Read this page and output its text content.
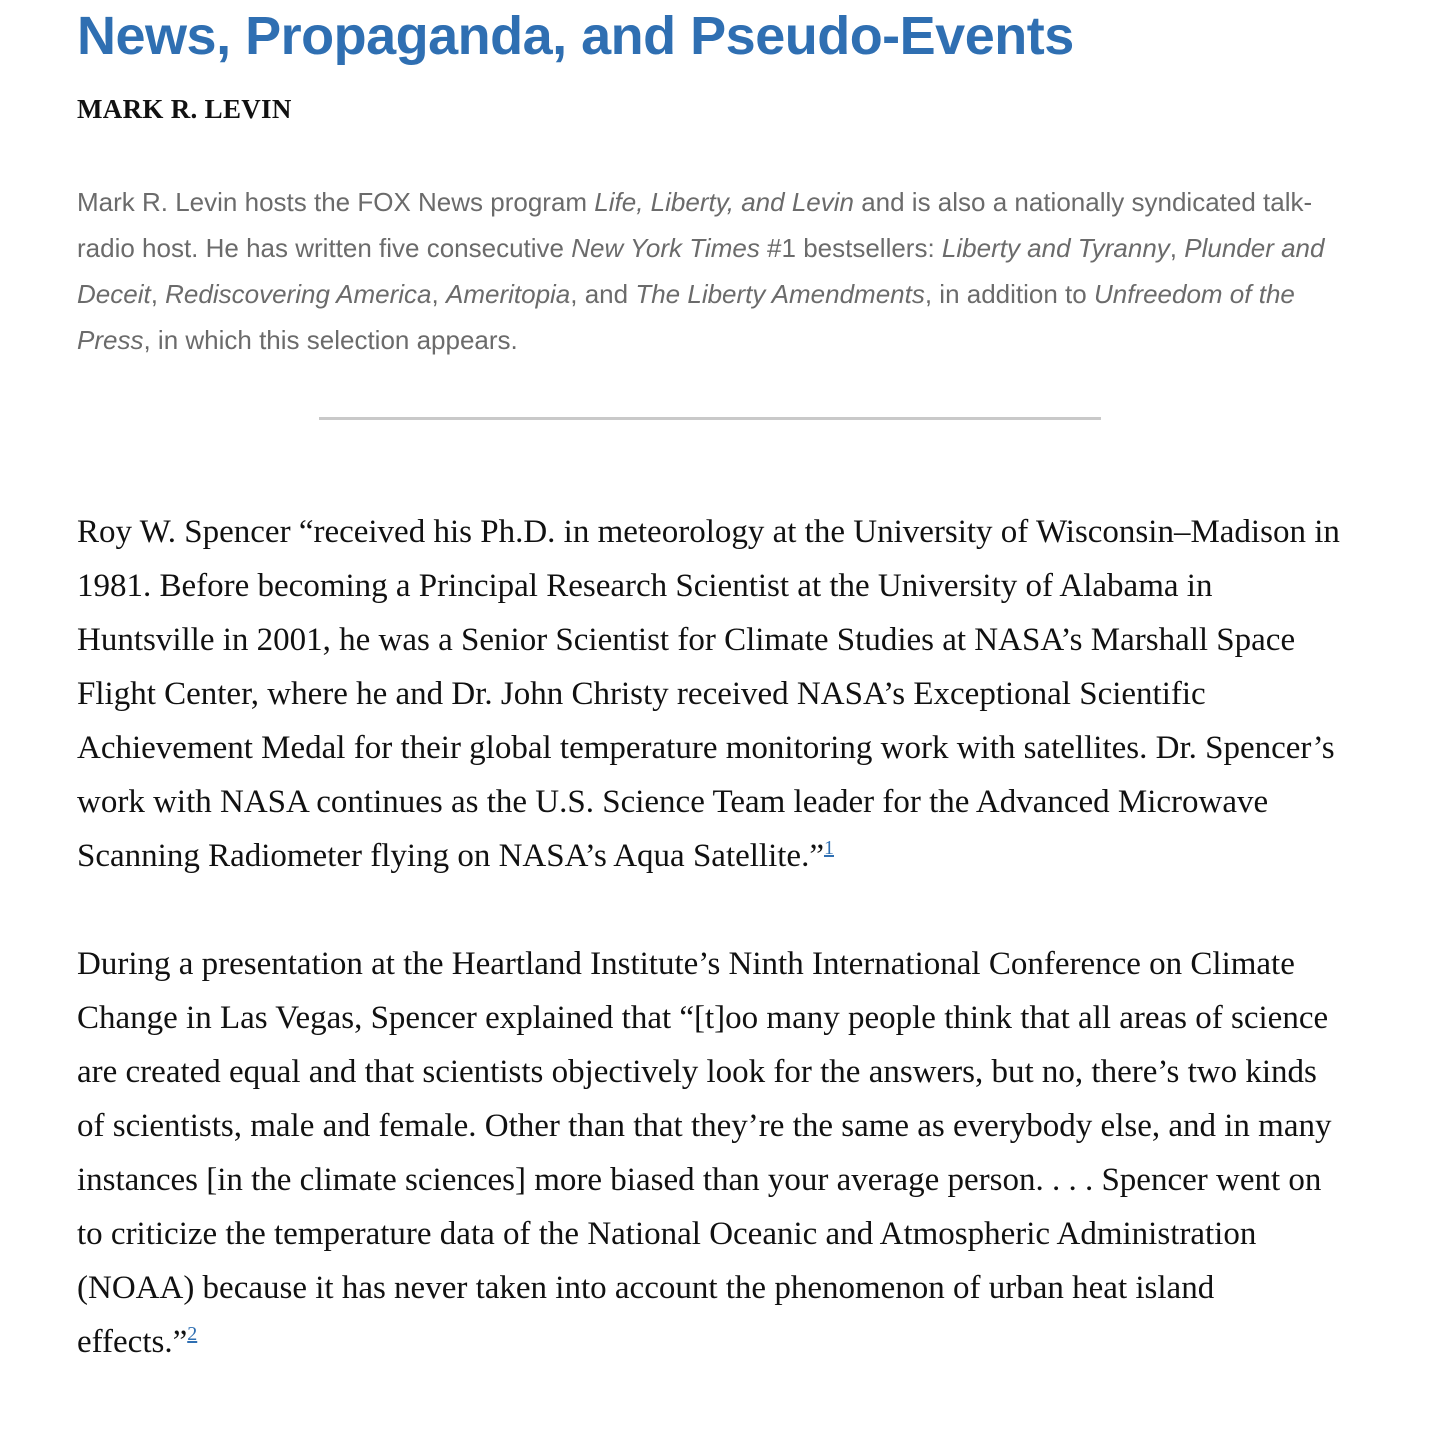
News, Propaganda, and Pseudo-Events
MARK R. LEVIN

Mark R. Levin hosts the FOX News program Life, Liberty, and Levin and is also a nationally syndicated talk-radio host. He has written five consecutive New York Times #1 bestsellers: Liberty and Tyranny, Plunder and Deceit, Rediscovering America, Ameritopia, and The Liberty Amendments, in addition to Unfreedom of the Press, in which this selection appears.

Roy W. Spencer “received his Ph.D. in meteorology at the University of Wisconsin–Madison in 1981. Before becoming a Principal Research Scientist at the University of Alabama in Huntsville in 2001, he was a Senior Scientist for Climate Studies at NASA’s Marshall Space Flight Center, where he and Dr. John Christy received NASA’s Exceptional Scientific Achievement Medal for their global temperature monitoring work with satellites. Dr. Spencer’s work with NASA continues as the U.S. Science Team leader for the Advanced Microwave Scanning Radiometer flying on NASA’s Aqua Satellite.”$^1$

During a presentation at the Heartland Institute’s Ninth International Conference on Climate Change in Las Vegas, Spencer explained that “[t]oo many people think that all areas of science are created equal and that scientists objectively look for the answers, but no, there’s two kinds of scientists, male and female. Other than that they’re the same as everybody else, and in many instances [in the climate sciences] more biased than your average person. . . . Spencer went on to criticize the temperature data of the National Oceanic and Atmospheric Administration (NOAA) because it has never taken into account the phenomenon of urban heat island effects.”$^2$
